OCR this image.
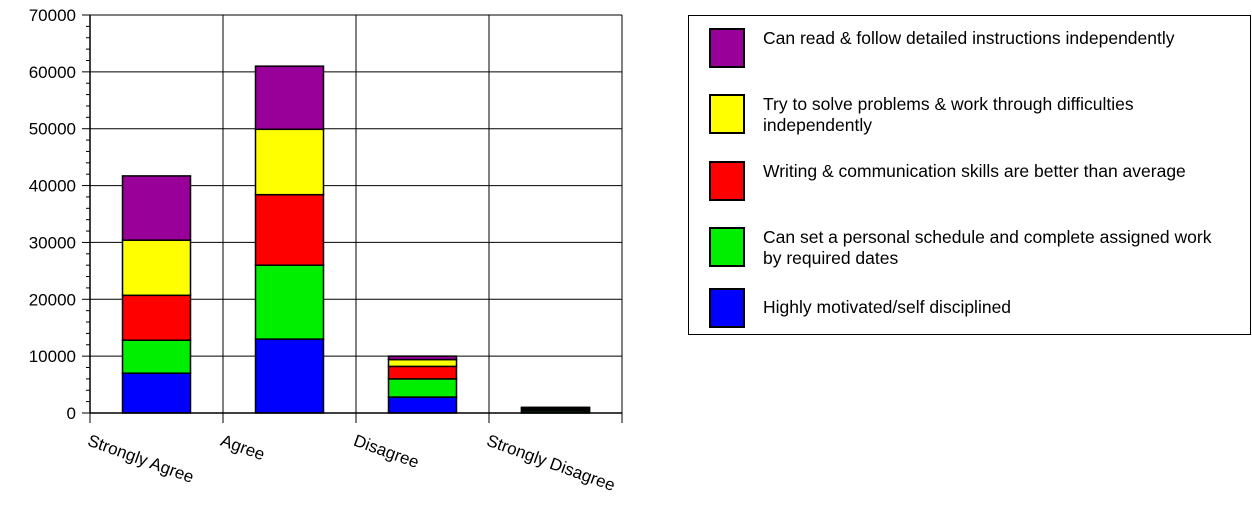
0
10000
20000
30000
40000
50000
60000
70000
Strongly Agree Agree	Disagree	Strongly Disagree
Can read & follow detailed instructions independently
Try to solve problems & work through difficulties independently
Writing & communication skills are better than average
Can set a personal schedule and complete assigned work by required dates
Highly motivated/self disciplined
